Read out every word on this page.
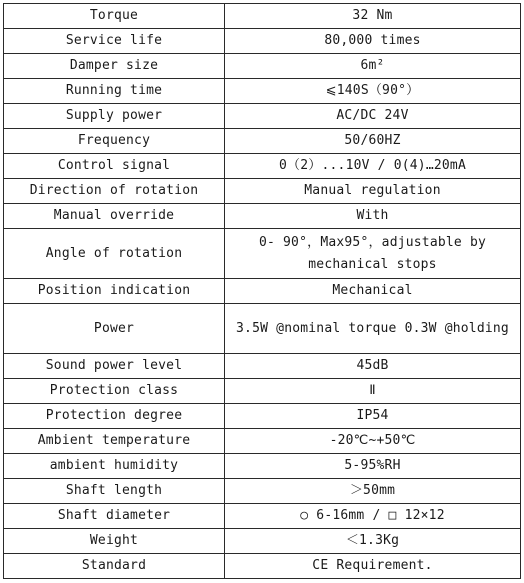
Torque	32 Nm
Service life	80,000 times
Damper size	6m²
Running time	⩽140S（90°）
Supply power	AC/DC 24V
Frequency	50/60HZ
Control signal	0（2）...10V / 0(4)…20mA
Direction of rotation	Manual regulation
Manual override	With
Angle of rotation	0- 90°，Max95°，adjustable by mechanical stops
Position indication	Mechanical
Power	3.5W @nominal torque 0.3W @holding
Sound power level	45dB
Protection class	Ⅱ
Protection degree	IP54
Ambient temperature	-20℃~+50℃
ambient humidity	5-95%RH
Shaft length	＞50mm
Shaft diameter	○ 6-16mm / □ 12×12
Weight	＜1.3Kg
Standard	CE Requirement.
